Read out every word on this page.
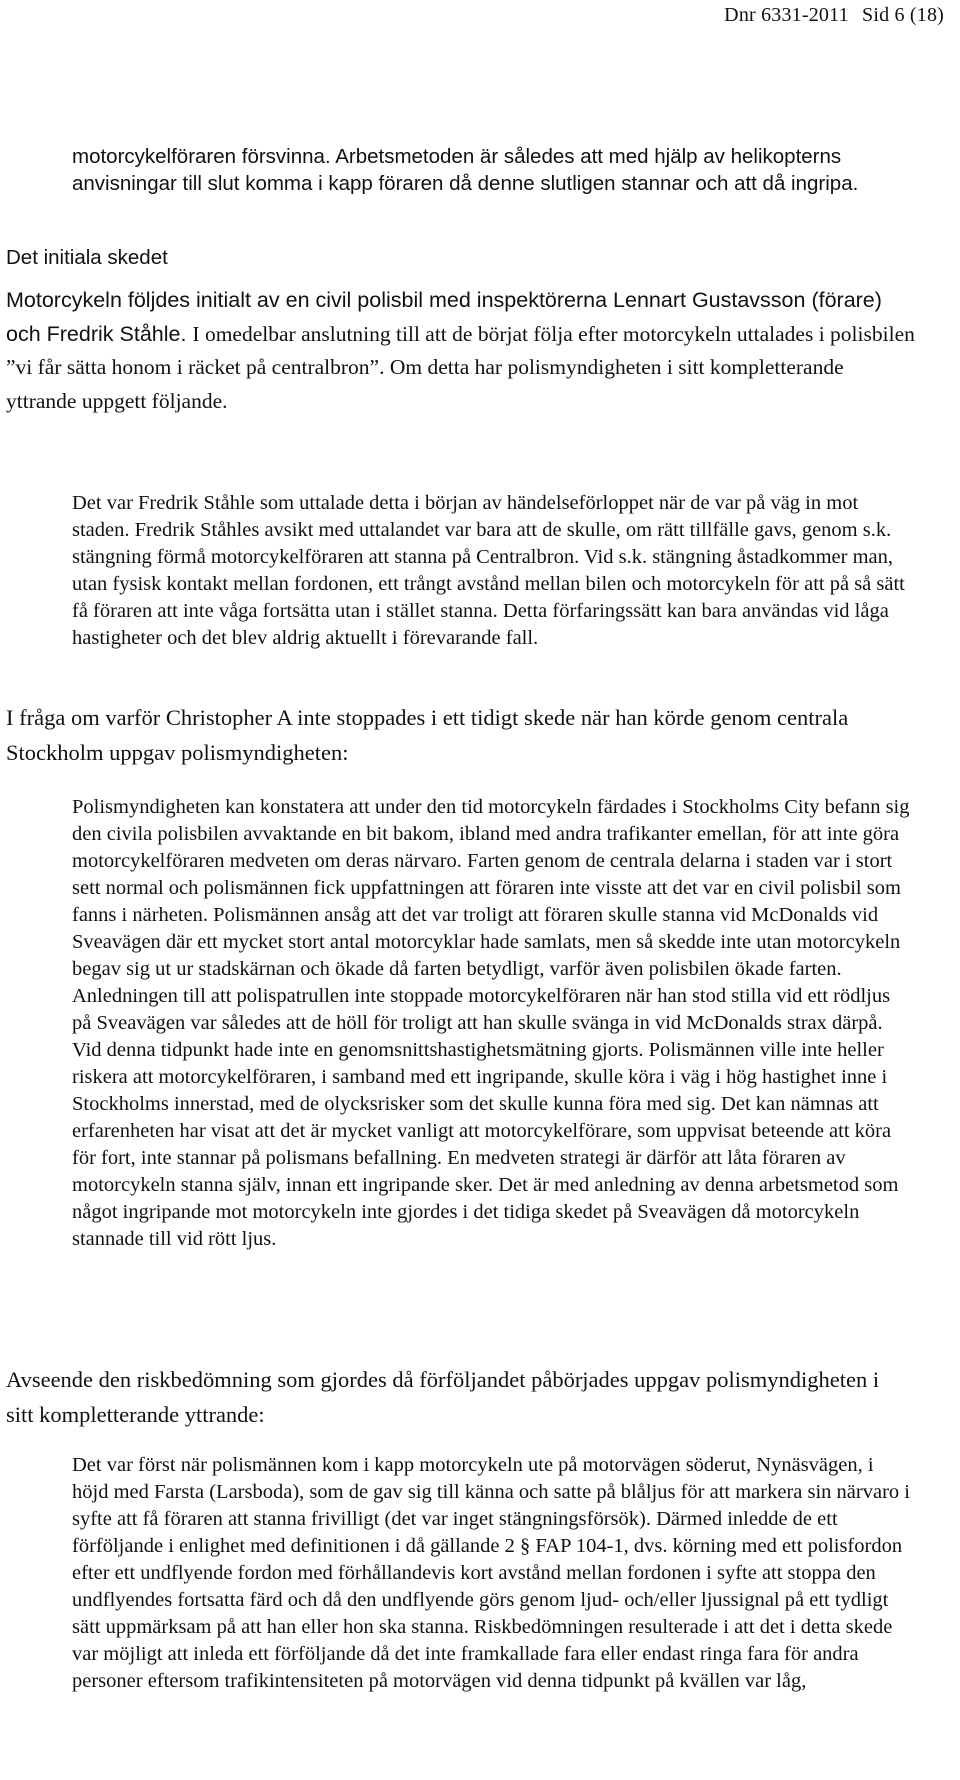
Dnr 6331-2011 Sid 6 (18)

motorcykelföraren försvinna. Arbetsmetoden är således att med hjälp av helikopterns anvisningar till slut komma i kapp föraren då denne slutligen stannar och att då ingripa.

Det initiala skedet

Motorcykeln följdes initialt av en civil polisbil med inspektörerna Lennart Gustavsson (förare) och Fredrik Ståhle. I omedelbar anslutning till att de börjat följa efter motorcykeln uttalades i polisbilen ”vi får sätta honom i räcket på centralbron”. Om detta har polismyndigheten i sitt kompletterande yttrande uppgett följande.

Det var Fredrik Ståhle som uttalade detta i början av händelseförloppet när de var på väg in mot staden. Fredrik Ståhles avsikt med uttalandet var bara att de skulle, om rätt tillfälle gavs, genom s.k. stängning förmå motorcykelföraren att stanna på Centralbron. Vid s.k. stängning åstadkommer man, utan fysisk kontakt mellan fordonen, ett trångt avstånd mellan bilen och motorcykeln för att på så sätt få föraren att inte våga fortsätta utan i stället stanna. Detta förfaringssätt kan bara användas vid låga hastigheter och det blev aldrig aktuellt i förevarande fall.

I fråga om varför Christopher A inte stoppades i ett tidigt skede när han körde genom centrala Stockholm uppgav polismyndigheten:

Polismyndigheten kan konstatera att under den tid motorcykeln färdades i Stockholms City befann sig den civila polisbilen avvaktande en bit bakom, ibland med andra trafikanter emellan, för att inte göra motorcykelföraren medveten om deras närvaro. Farten genom de centrala delarna i staden var i stort sett normal och polismännen fick uppfattningen att föraren inte visste att det var en civil polisbil som fanns i närheten. Polismännen ansåg att det var troligt att föraren skulle stanna vid McDonalds vid Sveavägen där ett mycket stort antal motorcyklar hade samlats, men så skedde inte utan motorcykeln begav sig ut ur stadskärnan och ökade då farten betydligt, varför även polisbilen ökade farten. Anledningen till att polispatrullen inte stoppade motorcykelföraren när han stod stilla vid ett rödljus på Sveavägen var således att de höll för troligt att han skulle svänga in vid McDonalds strax därpå. Vid denna tidpunkt hade inte en genomsnittshastighetsmätning gjorts. Polismännen ville inte heller riskera att motorcykelföraren, i samband med ett ingripande, skulle köra i väg i hög hastighet inne i Stockholms innerstad, med de olycksrisker som det skulle kunna föra med sig. Det kan nämnas att erfarenheten har visat att det är mycket vanligt att motorcykelförare, som uppvisat beteende att köra för fort, inte stannar på polismans befallning. En medveten strategi är därför att låta föraren av motorcykeln stanna själv, innan ett ingripande sker. Det är med anledning av denna arbetsmetod som något ingripande mot motorcykeln inte gjordes i det tidiga skedet på Sveavägen då motorcykeln stannade till vid rött ljus.

Avseende den riskbedömning som gjordes då förföljandet påbörjades uppgav polismyndigheten i sitt kompletterande yttrande:

Det var först när polismännen kom i kapp motorcykeln ute på motorvägen söderut, Nynäsvägen, i höjd med Farsta (Larsboda), som de gav sig till känna och satte på blåljus för att markera sin närvaro i syfte att få föraren att stanna frivilligt (det var inget stängningsförsök). Därmed inledde de ett förföljande i enlighet med definitionen i då gällande 2 § FAP 104-1, dvs. körning med ett polisfordon efter ett undflyende fordon med förhållandevis kort avstånd mellan fordonen i syfte att stoppa den undflyendes fortsatta färd och då den undflyende görs genom ljud- och/eller ljussignal på ett tydligt sätt uppmärksam på att han eller hon ska stanna. Riskbedömningen resulterade i att det i detta skede var möjligt att inleda ett förföljande då det inte framkallade fara eller endast ringa fara för andra personer eftersom trafikintensiteten på motorvägen vid denna tidpunkt på kvällen var låg,
